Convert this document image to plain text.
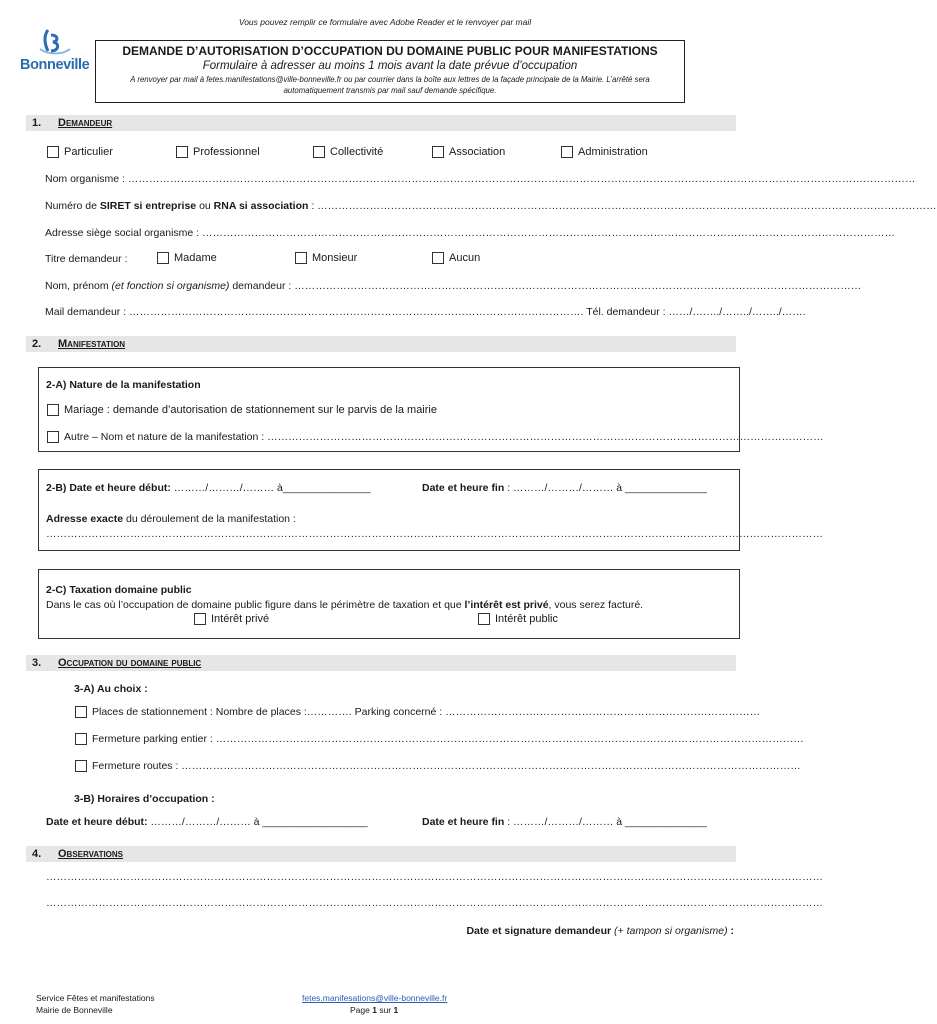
Vous pouvez remplir ce formulaire avec Adobe Reader et le renvoyer par mail
Bonneville
DEMANDE D’AUTORISATION D’OCCUPATION DU DOMAINE PUBLIC POUR MANIFESTATIONS
Formulaire à adresser au moins 1 mois avant la date prévue d’occupation
A renvoyer par mail à fetes.manifestations@ville-bonneville.fr ou par courrier dans la boîte aux lettres de la façade principale de la Mairie. L’arrêté sera automatiquement transmis par mail sauf demande spécifique.
1. Demandeur
Particulier	Professionnel	Collectivité	Association	Administration
Nom organisme : ………………………………………………………………………………………………………………………………………………………………………………………………………
Numéro de SIRET si entreprise ou RNA si association : ……………………………………………………………………………………………………………………………………………………………
Adresse siège social organisme : ………………………………………………………………………………………………………………………………………………………………………………
Titre demandeur :	Madame	Monsieur	Aucun
Nom, prénom (et fonction si organisme) demandeur : ………………………………………………………………………………………………………………………………………………
Mail demandeur : …………………………………………………………………………………………………………………. Tél. demandeur : ……/……../……../……../…….
2. Manifestation
2-A) Nature de la manifestation
Mariage : demande d’autorisation de stationnement sur le parvis de la mairie
Autre – Nom et nature de la manifestation : ……………………………………………………………………………………………………………………………………………
2-B) Date et heure début: ………/………/……… à_______________	Date et heure fin : ………/………/……… à ______________
Adresse exacte du déroulement de la manifestation :
……………………………………………………………………………………………………………………………………………………………………………………………………
2-C) Taxation domaine public
Dans le cas où l’occupation de domaine public figure dans le périmètre de taxation et que l’intérêt est privé, vous serez facturé.
Intérêt privé	Intérêt public
3. Occupation du domaine public
3-A) Au choix :
Places de stationnement : Nombre de places :…………. Parking concerné : ………………………………………………………………………………
Fermeture parking entier : ……………………………………………………………………………………………………………………………………………………
Fermeture routes : ……………………………………………………………………………………………………………………………………………………………
3-B) Horaires d’occupation :
Date et heure début: ………/………/……… à __________________	Date et heure fin : ………/………/……… à ______________
4. Observations
……………………………………………………………………………………………………………………………………………………………………………………………………
……………………………………………………………………………………………………………………………………………………………………………………………………
Date et signature demandeur (+ tampon si organisme) :
Service Fêtes et manifestations
Mairie de Bonneville
fetes.manifesations@ville-bonneville.fr
Page 1 sur 1
